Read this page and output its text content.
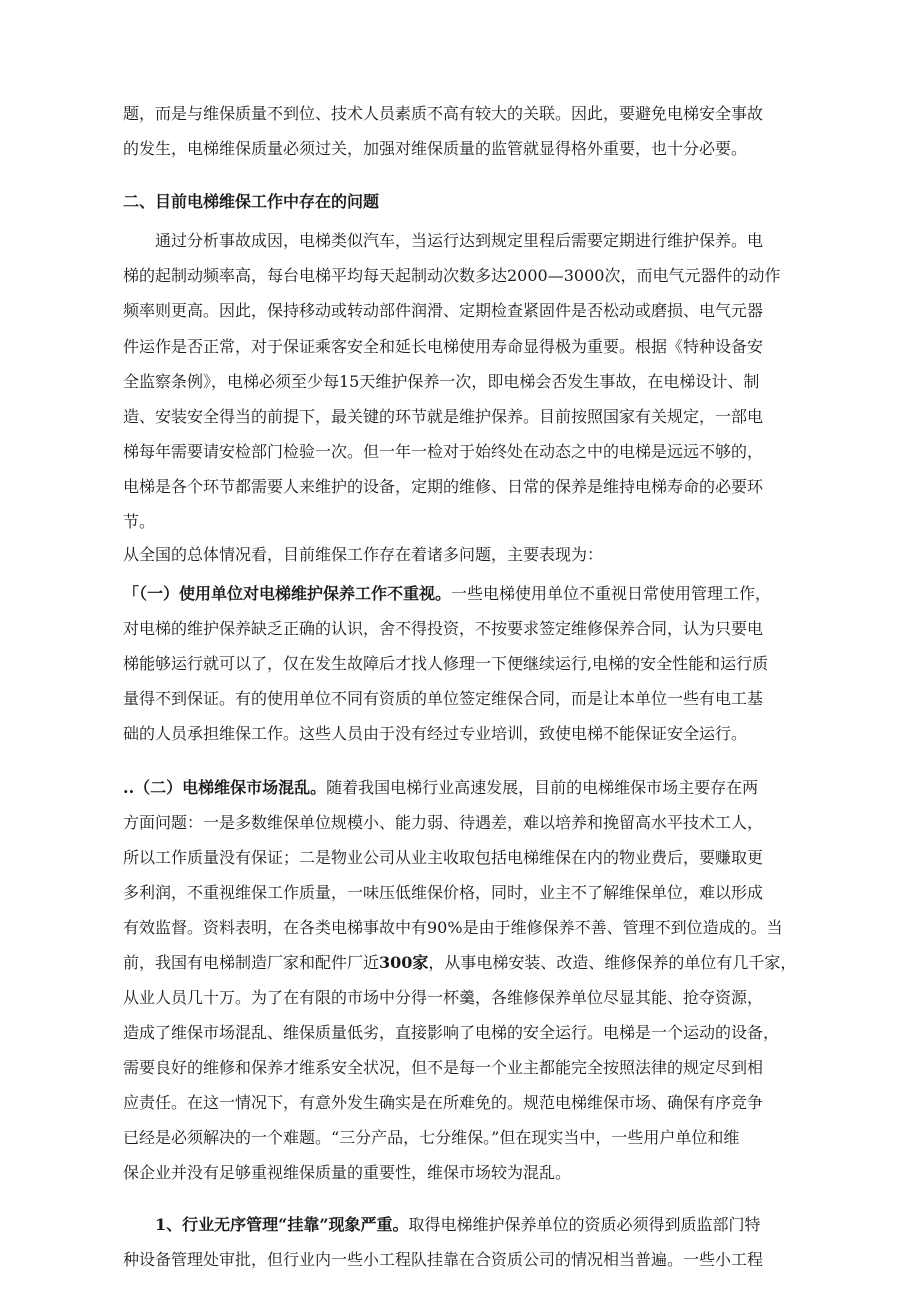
题，而是与维保质量不到位、技术人员素质不高有较大的关联。因此，要避免电梯安全事故
的发生，电梯维保质量必须过关，加强对维保质量的监管就显得格外重要，也十分必要。
二、目前电梯维保工作中存在的问题
通过分析事故成因，电梯类似汽车，当运行达到规定里程后需要定期进行维护保养。电
梯的起制动频率高，每台电梯平均每天起制动次数多达2000—3000次，而电气元器件的动作
频率则更高。因此，保持移动或转动部件润滑、定期检查紧固件是否松动或磨损、电气元器
件运作是否正常，对于保证乘客安全和延长电梯使用寿命显得极为重要。根据《特种设备安
全监察条例》，电梯必须至少每15天维护保养一次，即电梯会否发生事故，在电梯设计、制
造、安装安全得当的前提下，最关键的环节就是维护保养。目前按照国家有关规定，一部电
梯每年需要请安检部门检验一次。但一年一检对于始终处在动态之中的电梯是远远不够的，
电梯是各个环节都需要人来维护的设备，定期的维修、日常的保养是维持电梯寿命的必要环
节。
从全国的总体情况看，目前维保工作存在着诸多问题，主要表现为：
「（一）使用单位对电梯维护保养工作不重视。一些电梯使用单位不重视日常使用管理工作，
对电梯的维护保养缺乏正确的认识，舍不得投资，不按要求签定维修保养合同，认为只要电
梯能够运行就可以了，仅在发生故障后才找人修理一下便继续运行,电梯的安全性能和运行质
量得不到保证。有的使用单位不同有资质的单位签定维保合同，而是让本单位一些有电工基
础的人员承担维保工作。这些人员由于没有经过专业培训，致使电梯不能保证安全运行。
..（二）电梯维保市场混乱。随着我国电梯行业高速发展，目前的电梯维保市场主要存在两
方面问题：一是多数维保单位规模小、能力弱、待遇差，难以培养和挽留高水平技术工人，
所以工作质量没有保证；二是物业公司从业主收取包括电梯维保在内的物业费后，要赚取更
多利润，不重视维保工作质量，一味压低维保价格，同时，业主不了解维保单位，难以形成
有效监督。资料表明，在各类电梯事故中有90%是由于维修保养不善、管理不到位造成的。当
前，我国有电梯制造厂家和配件厂近300家，从事电梯安装、改造、维修保养的单位有几千家，
从业人员几十万。为了在有限的市场中分得一杯羹，各维修保养单位尽显其能、抢夺资源，
造成了维保市场混乱、维保质量低劣，直接影响了电梯的安全运行。电梯是一个运动的设备，
需要良好的维修和保养才维系安全状况，但不是每一个业主都能完全按照法律的规定尽到相
应责任。在这一情况下，有意外发生确实是在所难免的。规范电梯维保市场、确保有序竞争
已经是必须解决的一个难题。“三分产品，七分维保。”但在现实当中，一些用户单位和维
保企业并没有足够重视维保质量的重要性，维保市场较为混乱。
1、行业无序管理“挂靠”现象严重。取得电梯维护保养单位的资质必须得到质监部门特
种设备管理处审批，但行业内一些小工程队挂靠在合资质公司的情况相当普遍。一些小工程
